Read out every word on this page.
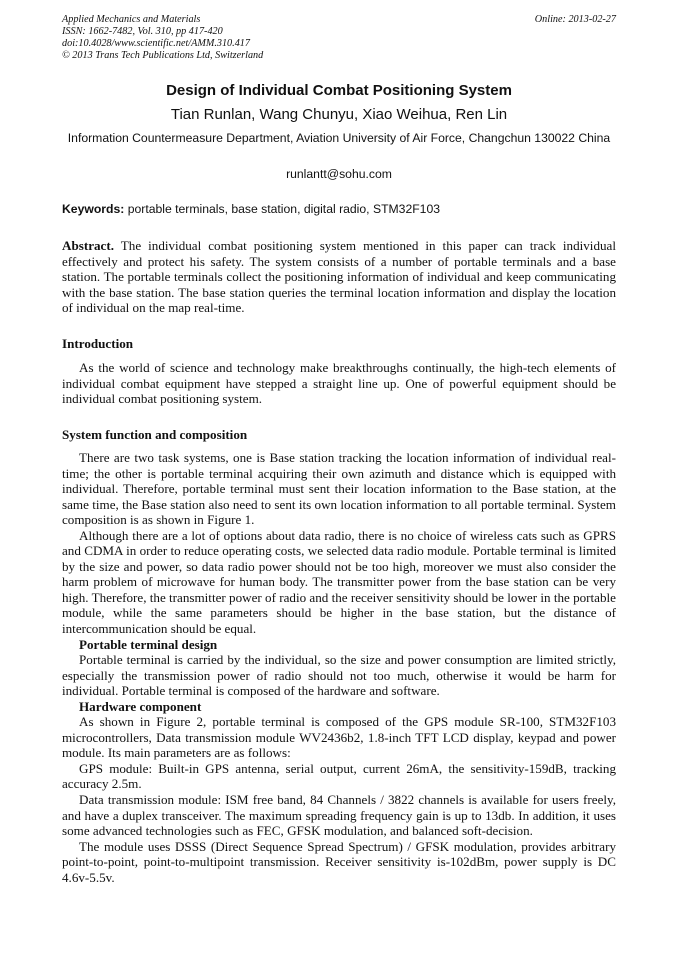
Applied Mechanics and Materials
ISSN: 1662-7482, Vol. 310, pp 417-420
doi:10.4028/www.scientific.net/AMM.310.417
© 2013 Trans Tech Publications Ltd, Switzerland
Online: 2013-02-27
Design of Individual Combat Positioning System
Tian Runlan, Wang Chunyu, Xiao Weihua, Ren Lin
Information Countermeasure Department, Aviation University of Air Force, Changchun 130022 China
runlantt@sohu.com
Keywords: portable terminals, base station, digital radio, STM32F103

Abstract. The individual combat positioning system mentioned in this paper can track individual effectively and protect his safety. The system consists of a number of portable terminals and a base station. The portable terminals collect the positioning information of individual and keep communicating with the base station. The base station queries the terminal location information and display the location of individual on the map real-time.

Introduction

As the world of science and technology make breakthroughs continually, the high-tech elements of individual combat equipment have stepped a straight line up. One of powerful equipment should be individual combat positioning system.

System function and composition

There are two task systems, one is Base station tracking the location information of individual real-time; the other is portable terminal acquiring their own azimuth and distance which is equipped with individual. Therefore, portable terminal must sent their location information to the Base station, at the same time, the Base station also need to sent its own location information to all portable terminal. System composition is as shown in Figure 1.

Although there are a lot of options about data radio, there is no choice of wireless cats such as GPRS and CDMA in order to reduce operating costs, we selected data radio module. Portable terminal is limited by the size and power, so data radio power should not be too high, moreover we must also consider the harm problem of microwave for human body. The transmitter power from the base station can be very high. Therefore, the transmitter power of radio and the receiver sensitivity should be lower in the portable module, while the same parameters should be higher in the base station, but the distance of intercommunication should be equal.

Portable terminal design

Portable terminal is carried by the individual, so the size and power consumption are limited strictly, especially the transmission power of radio should not too much, otherwise it would be harm for individual. Portable terminal is composed of the hardware and software.

Hardware component

As shown in Figure 2, portable terminal is composed of the GPS module SR-100, STM32F103 microcontrollers, Data transmission module WV2436b2, 1.8-inch TFT LCD display, keypad and power module. Its main parameters are as follows:

GPS module: Built-in GPS antenna, serial output, current 26mA, the sensitivity-159dB, tracking accuracy 2.5m.

Data transmission module: ISM free band, 84 Channels / 3822 channels is available for users freely, and have a duplex transceiver. The maximum spreading frequency gain is up to 13db. In addition, it uses some advanced technologies such as FEC, GFSK modulation, and balanced soft-decision.

The module uses DSSS (Direct Sequence Spread Spectrum) / GFSK modulation, provides arbitrary point-to-point, point-to-multipoint transmission. Receiver sensitivity is-102dBm, power supply is DC 4.6v-5.5v.
